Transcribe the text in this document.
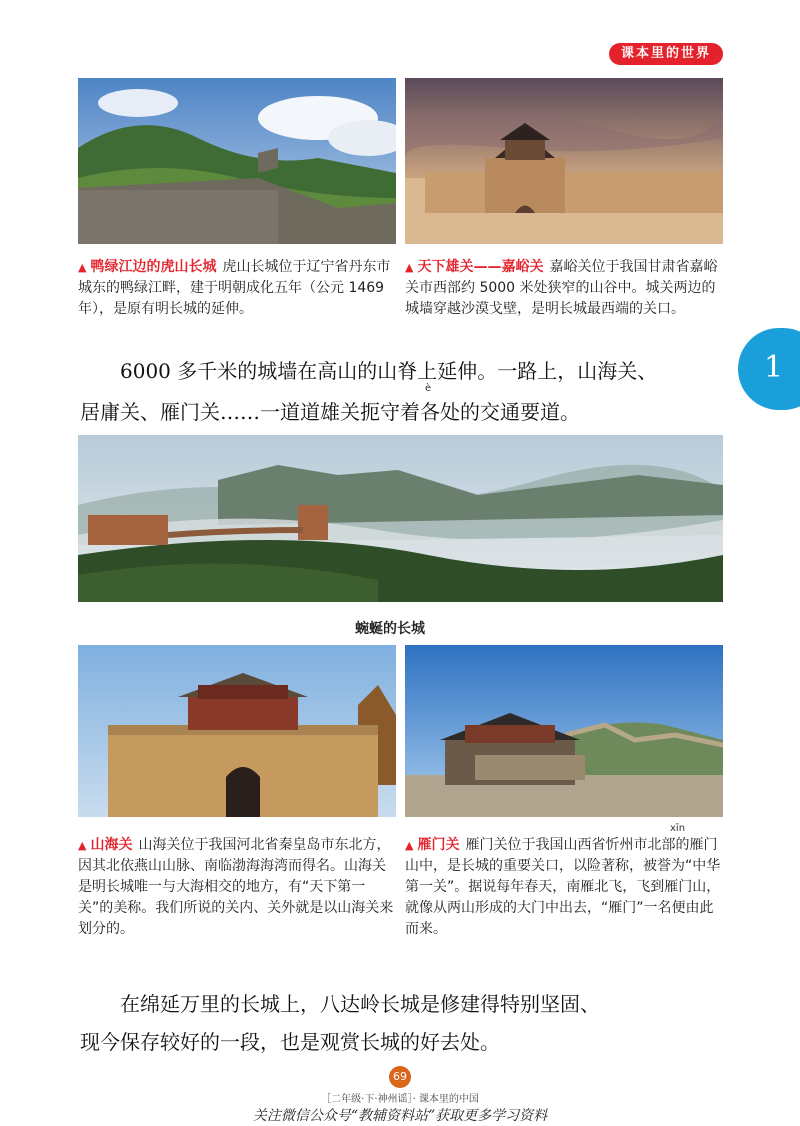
课本里的世界
1
▲ 鸭绿江边的虎山长城 虎山长城位于辽宁省丹东市城东的鸭绿江畔，建于明朝成化五年（公元 1469 年），是原有明长城的延伸。
▲ 天下雄关——嘉峪关 嘉峪关位于我国甘肃省嘉峪关市西部约 5000 米处狭窄的山谷中。城关两边的城墙穿越沙漠戈壁，是明长城最西端的关口。
6000 多千米的城墙在高山的山脊上延伸。一路上，山海关、
è
居庸关、雁门关……一道道雄关扼守着各处的交通要道。
蜿蜒的长城
▲ 山海关 山海关位于我国河北省秦皇岛市东北方，因其北依燕山山脉、南临渤海海湾而得名。山海关是明长城唯一与大海相交的地方，有“天下第一关”的美称。我们所说的关内、关外就是以山海关来划分的。
xīn
▲ 雁门关 雁门关位于我国山西省忻州市北部的雁门山中，是长城的重要关口，以险著称，被誉为“中华第一关”。据说每年春天，南雁北飞，飞到雁门山，就像从两山形成的大门中出去，“雁门”一名便由此而来。
在绵延万里的长城上，八达岭长城是修建得特别坚固、
现今保存较好的一段，也是观赏长城的好去处。
69
［二年级·下·神州谣］· 课本里的中国
关注微信公众号“教辅资料站”获取更多学习资料
